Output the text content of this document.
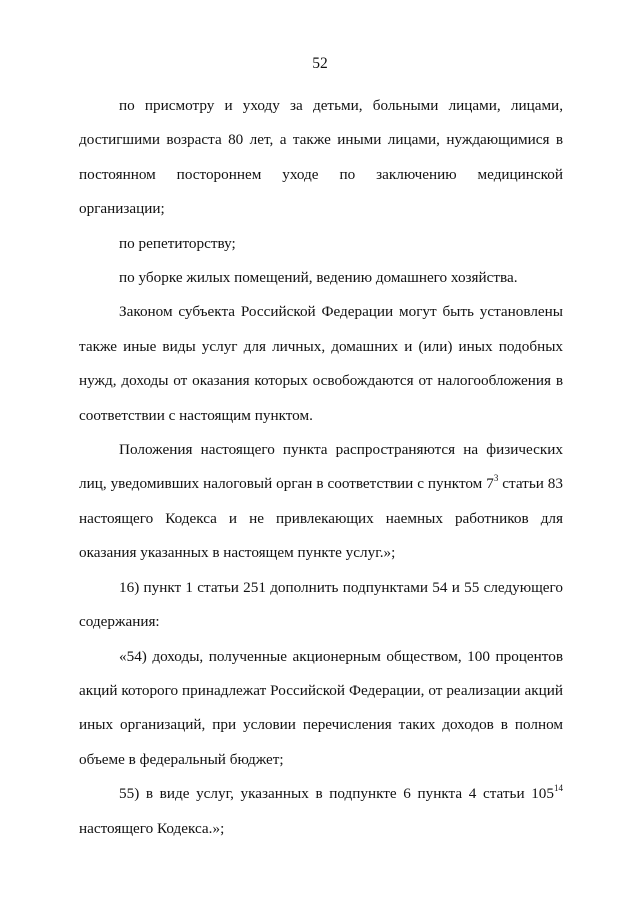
52

по присмотру и уходу за детьми, больными лицами, лицами, достигшими возраста 80 лет, а также иными лицами, нуждающимися в постоянном постороннем уходе по заключению медицинской организации;

по репетиторству;

по уборке жилых помещений, ведению домашнего хозяйства.

Законом субъекта Российской Федерации могут быть установлены также иные виды услуг для личных, домашних и (или) иных подобных нужд, доходы от оказания которых освобождаются от налогообложения в соответствии с настоящим пунктом.

Положения настоящего пункта распространяются на физических лиц, уведомивших налоговый орган в соответствии с пунктом $7^3$ статьи 83 настоящего Кодекса и не привлекающих наемных работников для оказания указанных в настоящем пункте услуг.»;

16) пункт 1 статьи 251 дополнить подпунктами 54 и 55 следующего содержания:

«54) доходы, полученные акционерным обществом, 100 процентов акций которого принадлежат Российской Федерации, от реализации акций иных организаций, при условии перечисления таких доходов в полном объеме в федеральный бюджет;

55) в виде услуг, указанных в подпункте 6 пункта 4 статьи $105^{14}$ настоящего Кодекса.»;
